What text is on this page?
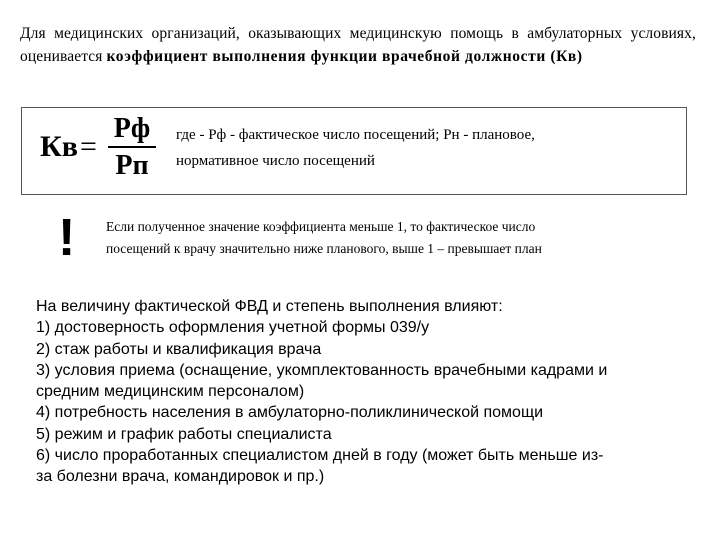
Для медицинских организаций, оказывающих медицинскую помощь в амбулаторных условиях, оценивается коэффициент выполнения функции врачебной должности (Кв)
Кв =
Рф
Рп
где - Рф - фактическое число посещений; Рн - плановое,
нормативное число посещений
! Если полученное значение коэффициента меньше 1, то фактическое число
посещений к врачу значительно ниже планового, выше 1 – превышает план
На величину фактической ФВД и степень выполнения влияют:
1) достоверность оформления учетной формы 039/у
2) стаж работы и квалификация врача
3) условия приема (оснащение, укомплектованность врачебными кадрами и
средним медицинским персоналом)
4) потребность населения в амбулаторно-поликлинической помощи
5) режим и график работы специалиста
6) число проработанных специалистом дней в году (может быть меньше из-
за болезни врача, командировок и пр.)
